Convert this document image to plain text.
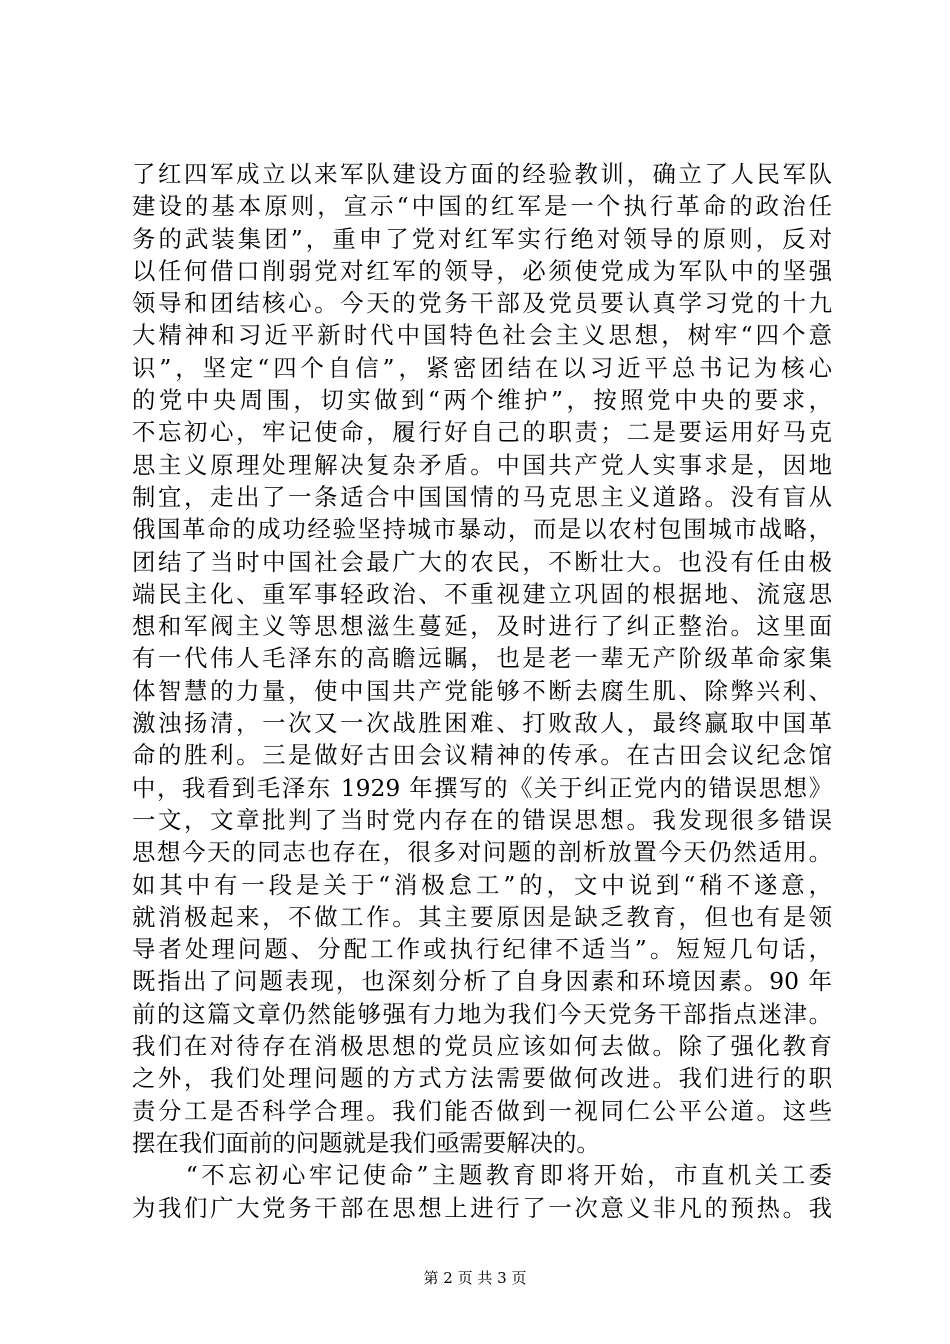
了红四军成立以来军队建设方面的经验教训，确立了人民军队
建设的基本原则，宣示“中国的红军是一个执行革命的政治任
务的武装集团”，重申了党对红军实行绝对领导的原则，反对
以任何借口削弱党对红军的领导，必须使党成为军队中的坚强
领导和团结核心。今天的党务干部及党员要认真学习党的十九
大精神和习近平新时代中国特色社会主义思想，树牢“四个意
识”，坚定“四个自信”，紧密团结在以习近平总书记为核心
的党中央周围，切实做到“两个维护”，按照党中央的要求，
不忘初心，牢记使命，履行好自己的职责；二是要运用好马克
思主义原理处理解决复杂矛盾。中国共产党人实事求是，因地
制宜，走出了一条适合中国国情的马克思主义道路。没有盲从
俄国革命的成功经验坚持城市暴动，而是以农村包围城市战略，
团结了当时中国社会最广大的农民，不断壮大。也没有任由极
端民主化、重军事轻政治、不重视建立巩固的根据地、流寇思
想和军阀主义等思想滋生蔓延，及时进行了纠正整治。这里面
有一代伟人毛泽东的高瞻远瞩，也是老一辈无产阶级革命家集
体智慧的力量，使中国共产党能够不断去腐生肌、除弊兴利、
激浊扬清，一次又一次战胜困难、打败敌人，最终赢取中国革
命的胜利。三是做好古田会议精神的传承。在古田会议纪念馆
中，我看到毛泽东 1929 年撰写的《关于纠正党内的错误思想》
一文，文章批判了当时党内存在的错误思想。我发现很多错误
思想今天的同志也存在，很多对问题的剖析放置今天仍然适用。
如其中有一段是关于“消极怠工”的，文中说到“稍不遂意，
就消极起来，不做工作。其主要原因是缺乏教育，但也有是领
导者处理问题、分配工作或执行纪律不适当”。短短几句话，
既指出了问题表现，也深刻分析了自身因素和环境因素。90 年
前的这篇文章仍然能够强有力地为我们今天党务干部指点迷津。
我们在对待存在消极思想的党员应该如何去做。除了强化教育
之外，我们处理问题的方式方法需要做何改进。我们进行的职
责分工是否科学合理。我们能否做到一视同仁公平公道。这些
摆在我们面前的问题就是我们亟需要解决的。
　　“不忘初心牢记使命”主题教育即将开始，市直机关工委
为我们广大党务干部在思想上进行了一次意义非凡的预热。我
第 2 页 共 3 页
